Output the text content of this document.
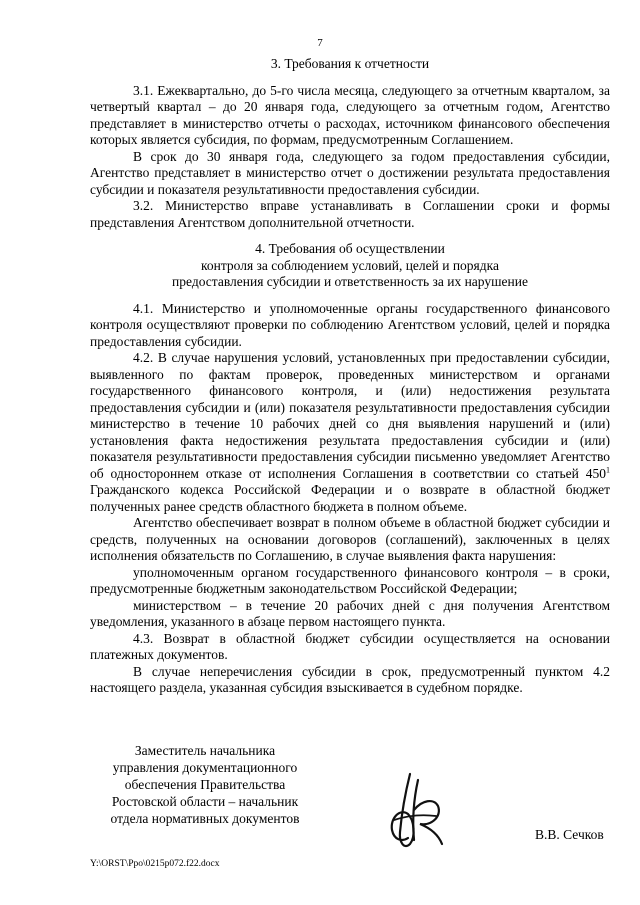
7
3. Требования к отчетности

3.1. Ежеквартально, до 5-го числа месяца, следующего за отчетным кварталом, за четвертый квартал – до 20 января года, следующего за отчетным годом, Агентство представляет в министерство отчеты о расходах, источником финансового обеспечения которых является субсидия, по формам, предусмотренным Соглашением.

В срок до 30 января года, следующего за годом предоставления субсидии, Агентство представляет в министерство отчет о достижении результата предоставления субсидии и показателя результативности предоставления субсидии.

3.2. Министерство вправе устанавливать в Соглашении сроки и формы представления Агентством дополнительной отчетности.

4. Требования об осуществлении
контроля за соблюдением условий, целей и порядка
предоставления субсидии и ответственность за их нарушение

4.1. Министерство и уполномоченные органы государственного финансового контроля осуществляют проверки по соблюдению Агентством условий, целей и порядка предоставления субсидии.

4.2. В случае нарушения условий, установленных при предоставлении субсидии, выявленного по фактам проверок, проведенных министерством и органами государственного финансового контроля, и (или) недостижения результата предоставления субсидии и (или) показателя результативности предоставления субсидии министерство в течение 10 рабочих дней со дня выявления нарушений и (или) установления факта недостижения результата предоставления субсидии и (или) показателя результативности предоставления субсидии письменно уведомляет Агентство об одностороннем отказе от исполнения Соглашения в соответствии со статьей $450^1$ Гражданского кодекса Российской Федерации и о возврате в областной бюджет полученных ранее средств областного бюджета в полном объеме.

Агентство обеспечивает возврат в полном объеме в областной бюджет субсидии и средств, полученных на основании договоров (соглашений), заключенных в целях исполнения обязательств по Соглашению, в случае выявления факта нарушения:

уполномоченным органом государственного финансового контроля – в сроки, предусмотренные бюджетным законодательством Российской Федерации;

министерством – в течение 20 рабочих дней с дня получения Агентством уведомления, указанного в абзаце первом настоящего пункта.

4.3. Возврат в областной бюджет субсидии осуществляется на основании платежных документов.

В случае неперечисления субсидии в срок, предусмотренный пунктом 4.2 настоящего раздела, указанная субсидия взыскивается в судебном порядке.

Заместитель начальника
управления документационного
обеспечения Правительства
Ростовской области – начальник
отдела нормативных документов
В.В. Сечков
Y:\ORST\Ppo\0215p072.f22.docx
